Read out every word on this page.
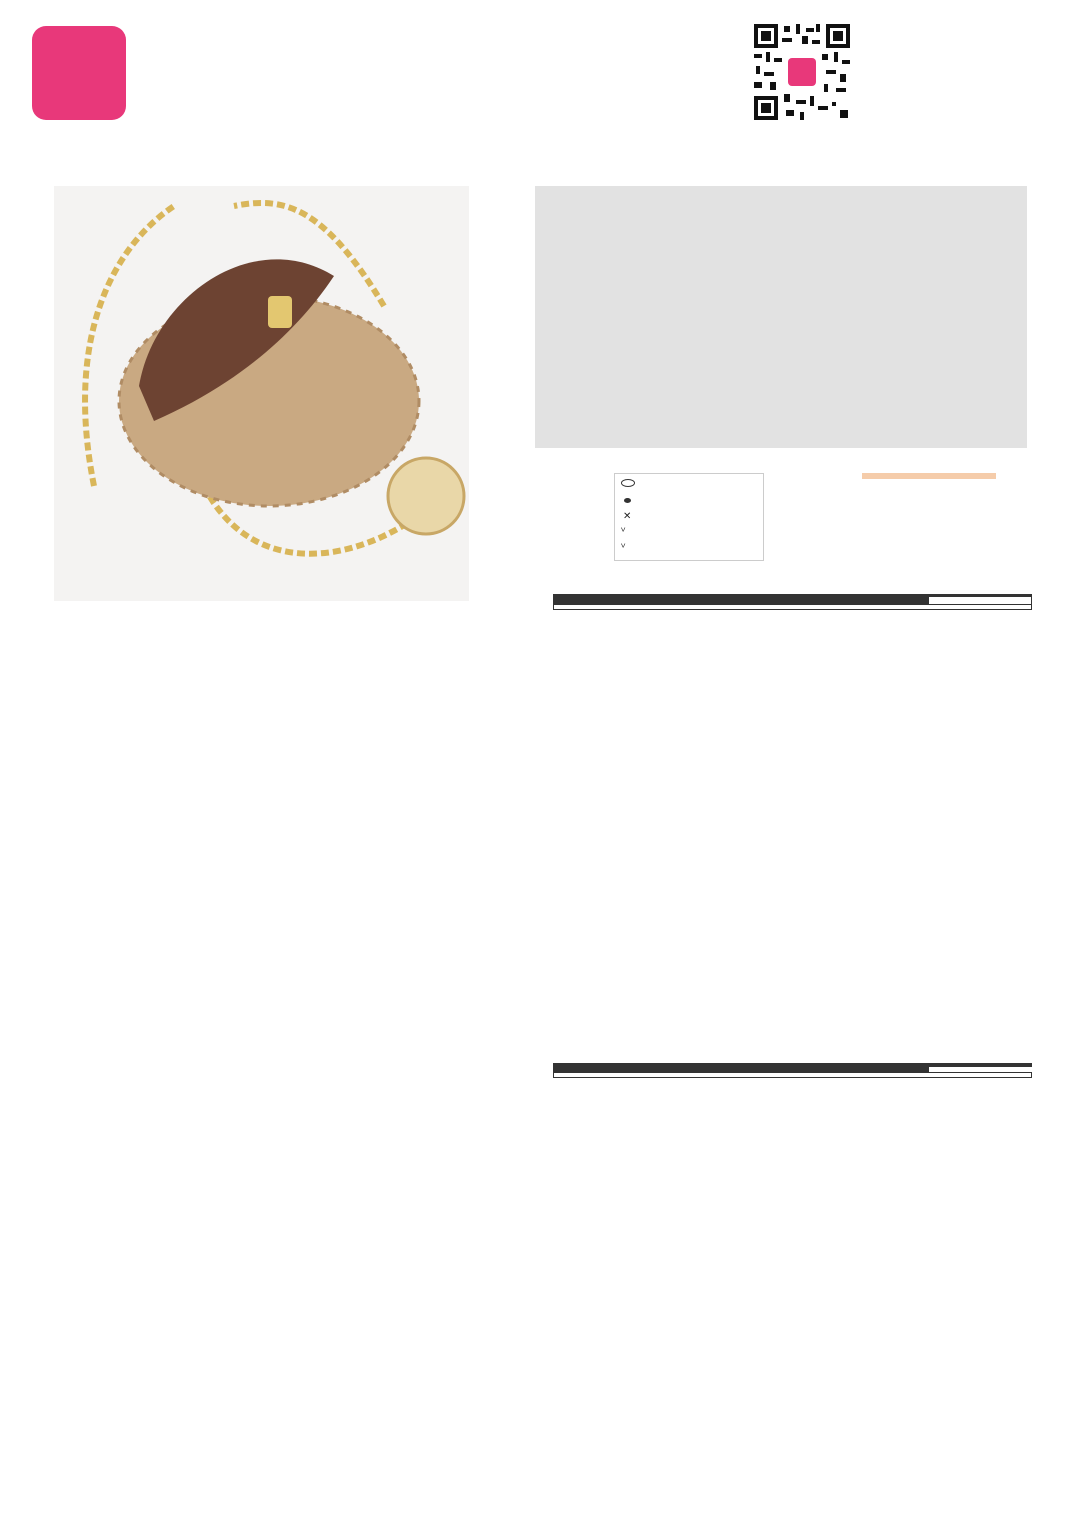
✕
ⱽ
ⱽ
